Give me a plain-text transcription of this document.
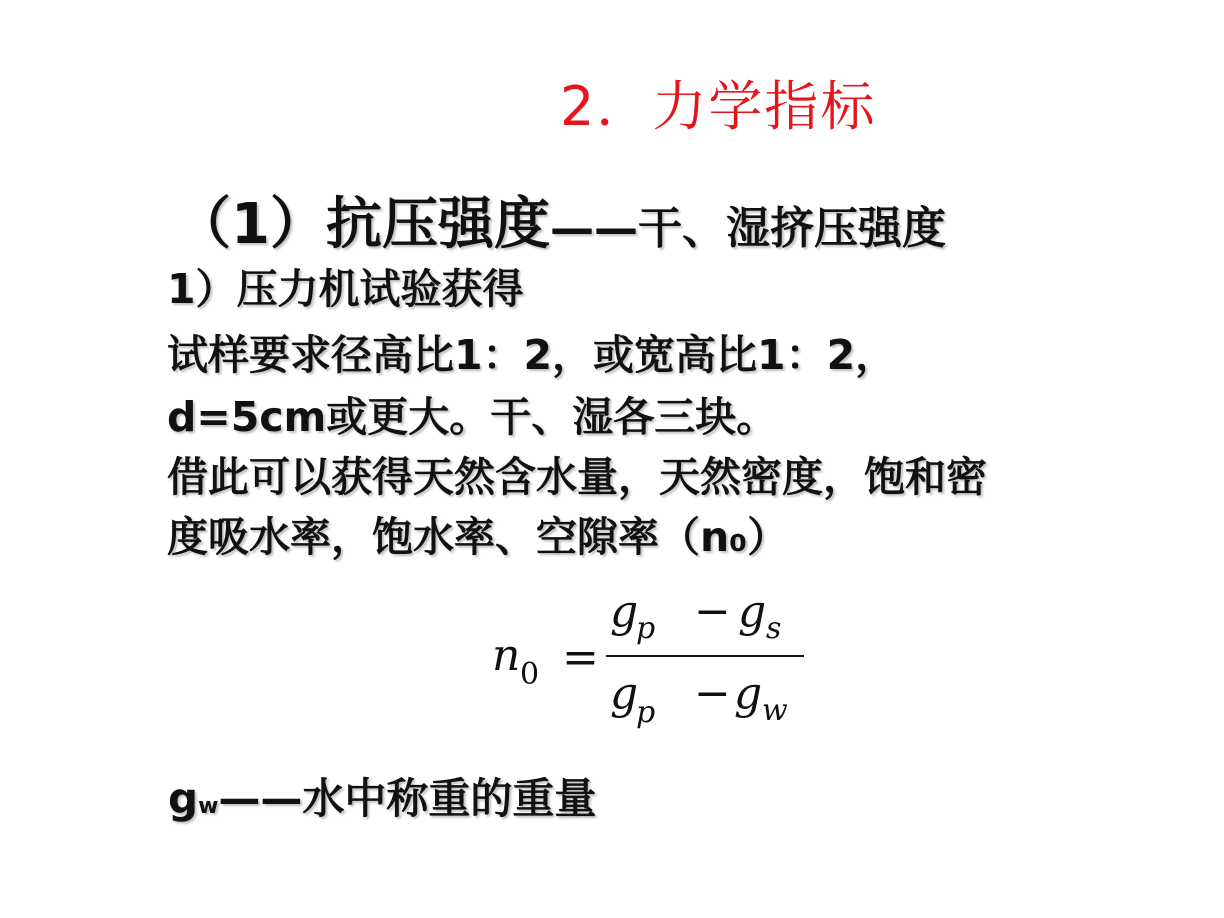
2．力学指标
（1）抗压强度——干、湿挤压强度
1）压力机试验获得
试样要求径高比1：2，或宽高比1：2，
d=5cm或更大。干、湿各三块。
借此可以获得天然含水量，天然密度，饱和密
度吸水率，饱水率、空隙率（n₀）
n 0 =
g
p − g s
g
p − g w
gw——水中称重的重量
